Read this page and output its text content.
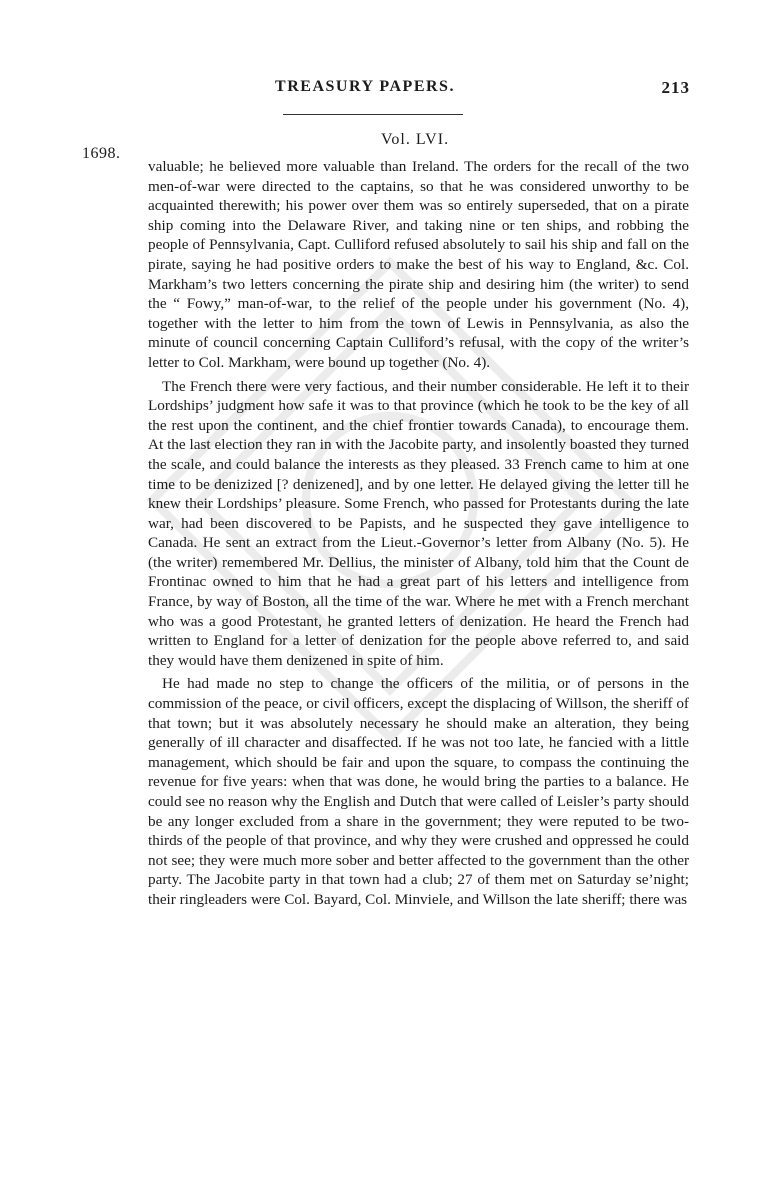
TREASURY PAPERS.	213
Vol. LVI.
1698.

valuable; he believed more valuable than Ireland. The orders for the recall of the two men-of-war were directed to the captains, so that he was considered unworthy to be acquainted therewith; his power over them was so entirely superseded, that on a pirate ship coming into the Delaware River, and taking nine or ten ships, and robbing the people of Pennsylvania, Capt. Culliford refused absolutely to sail his ship and fall on the pirate, saying he had positive orders to make the best of his way to England, &c. Col. Markham’s two letters concerning the pirate ship and desiring him (the writer) to send the “ Fowy,” man-of-war, to the relief of the people under his government (No. 4), together with the letter to him from the town of Lewis in Pennsylvania, as also the minute of council concerning Captain Culliford’s refusal, with the copy of the writer’s letter to Col. Markham, were bound up together (No. 4).

The French there were very factious, and their number considerable. He left it to their Lordships’ judgment how safe it was to that province (which he took to be the key of all the rest upon the continent, and the chief frontier towards Canada), to encourage them. At the last election they ran in with the Jacobite party, and insolently boasted they turned the scale, and could balance the interests as they pleased. 33 French came to him at one time to be denizized [? denizened], and by one letter. He delayed giving the letter till he knew their Lordships’ pleasure. Some French, who passed for Protestants during the late war, had been discovered to be Papists, and he suspected they gave intelligence to Canada. He sent an extract from the Lieut.-Governor’s letter from Albany (No. 5). He (the writer) remembered Mr. Dellius, the minister of Albany, told him that the Count de Frontinac owned to him that he had a great part of his letters and intelligence from France, by way of Boston, all the time of the war. Where he met with a French merchant who was a good Protestant, he granted letters of denization. He heard the French had written to England for a letter of denization for the people above referred to, and said they would have them denizened in spite of him.

He had made no step to change the officers of the militia, or of persons in the commission of the peace, or civil officers, except the displacing of Willson, the sheriff of that town; but it was absolutely necessary he should make an alteration, they being generally of ill character and disaffected. If he was not too late, he fancied with a little management, which should be fair and upon the square, to compass the continuing the revenue for five years: when that was done, he would bring the parties to a balance. He could see no reason why the English and Dutch that were called of Leisler’s party should be any longer excluded from a share in the government; they were reputed to be two-thirds of the people of that province, and why they were crushed and oppressed he could not see; they were much more sober and better affected to the government than the other party. The Jacobite party in that town had a club; 27 of them met on Saturday se’night; their ringleaders were Col. Bayard, Col. Minviele, and Willson the late sheriff; there was
